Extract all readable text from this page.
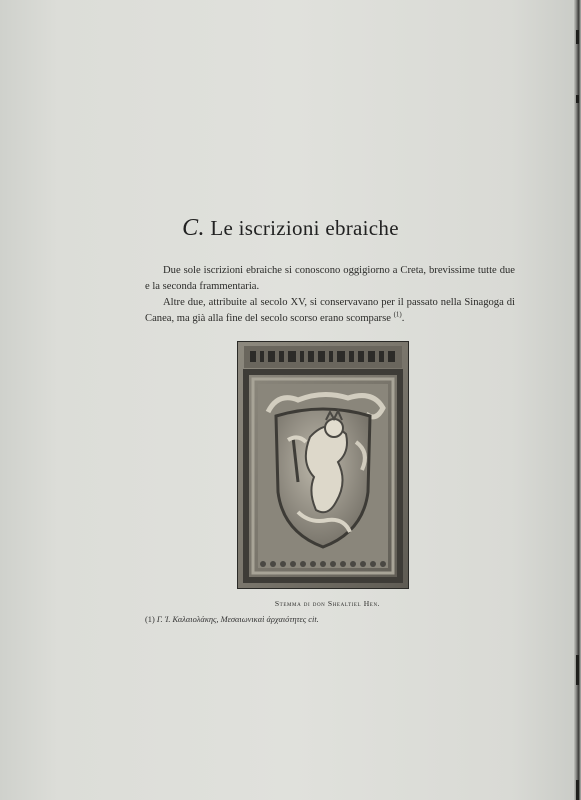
C. Le iscrizioni ebraiche

Due sole iscrizioni ebraiche si conoscono oggigiorno a Creta, brevissime tutte due e la seconda frammentaria.

Altre due, attribuite al secolo XV, si conservavano per il passato nella Sinagoga di Canea, ma già alla fine del secolo scorso erano scomparse $^{(1)}$.

Stemma di don Shealtiel Hen.
(1) Γ. Ἰ. Καλαιολάκης, Μεσαιωνικαὶ ἀρχαιότητες cit.
